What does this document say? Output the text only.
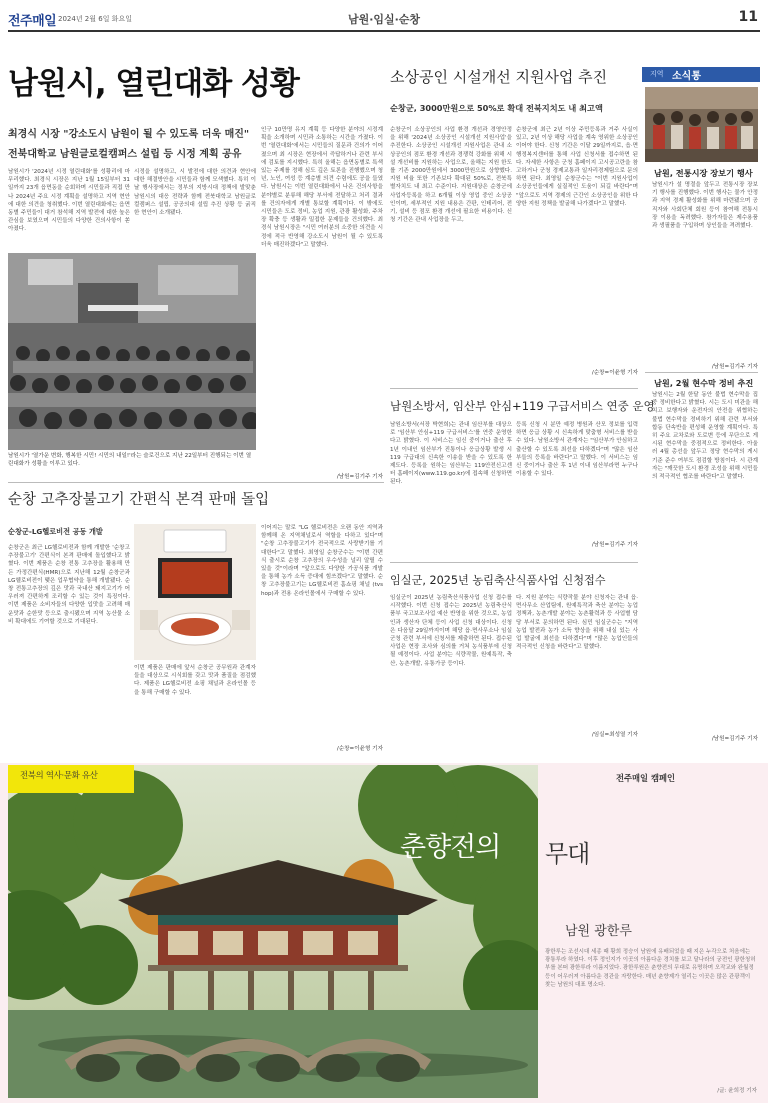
전주매일 2024년 2월 6일 화요일	남원·임실·순창	11
남원시, 열린대화 성황
최경식 시장 "강소도시 남원이 될 수 있도록 더욱 매진"
전북대학교 남원글로컬캠퍼스 설립 등 시정 계획 공유
남원시가 '2024년 시정 열린대화'를 성황리에 마무리했다. 최경식 시장은 지난 1월 15일부터 31일까지 23개 읍면동을 순회하며 시민들과 직접 만나 2024년 주요 시정 계획을 설명하고 지역 현안에 대한 의견을 청취했다. 이번 열린대화에는 읍면동별 주민들이 대거 참석해 지역 발전에 대한 높은 관심을 보였으며 시민들의 다양한 건의사항이 쏟아졌다.
시정을 설명하고, 시 발전에 대한 의견과 현안에 대한 해결방안을 시민들과 함께 모색했다. 특히 이날 행사장에서는 정부의 지방시대 정책에 발맞춘 남원시의 대응 전략과 함께 전북대학교 남원글로컬캠퍼스 설립, 공공의대 설립 추진 상황 등 굵직한 현안이 소개됐다.
남원시가 '열가운 변화, 행복한 시민! 시민의 내일!'라는 슬로건으로 지난 22일부터 진행되는 이번 열린대화가 성황을 이루고 있다.
인구 10만명 유지 계획 등 다양한 분야의 시정계획을 소개하며 시민과 소통하는 시간을 가졌다. 이번 '열린대화'에서는 시민들의 질문과 건의가 이어졌으며 최 시장은 현장에서 즉답하거나 관련 부서에 검토를 지시했다. 특히 올해는 읍면동별로 특색 있는 주제를 정해 심도 깊은 토론을 진행했으며 청년, 노인, 여성 등 계층별 의견 수렴에도 공을 들였다. 남원시는 이번 열린대화에서 나온 건의사항을 분야별로 분류해 해당 부서에 전달하고 처리 결과를 건의자에게 개별 통보할 계획이다. 이 밖에도 시민들은 도로 정비, 농업 지원, 관광 활성화, 주차장 확충 등 생활과 밀접한 문제들을 건의했다. 최경식 남원시장은 "시민 여러분의 소중한 의견을 시정에 적극 반영해 강소도시 남원이 될 수 있도록 더욱 매진하겠다"고 말했다.
/남원=김기주 기자
순창 고추장불고기 간편식 본격 판매 돌입
순창군-LG헬로비전 공동 개발
순창군은 최근 LG헬로비전과 함께 개발한 '순창고추장불고기' 간편식이 본격 판매에 돌입했다고 밝혔다. 이번 제품은 순창 전통 고추장을 활용해 만든 가정간편식(HMR)으로 지난해 12월 순창군과 LG헬로비전이 맺은 업무협약을 통해 개발됐다. 순창 전통고추장의 깊은 맛과 국내산 돼지고기가 어우러져 간편하게 조리할 수 있는 것이 특징이다. 이번 제품은 소비자들의 다양한 입맛을 고려해 매운맛과 순한맛 등으로 출시됐으며 지역 농산물 소비 확대에도 기여할 것으로 기대된다.
이번 제품은 판매에 앞서 순창군 공무원과 관계자들을 대상으로 시식회를 갖고 맛과 품질을 점검했다. 제품은 LG헬로비전 쇼핑 채널과 온라인몰 등을 통해 구매할 수 있다.
이어지는 말로 "LG 헬로비전은 오랜 동안 지역과 함께해 온 지역채널로서 역할을 다하고 있다"며 "순창 고추장불고기가 전국적으로 사랑받기를 기대한다"고 말했다. 최영일 순창군수는 "이번 간편식 출시로 순창 고추장의 우수성을 널리 알릴 수 있을 것"이라며 "앞으로도 다양한 가공식품 개발을 통해 농가 소득 증대에 힘쓰겠다"고 말했다. 순창 고추장불고기는 LG헬로비전 홈쇼핑 채널 (tvshop)과 전용 온라인몰에서 구매할 수 있다.
/순창=이윤형 기자
소상공인 시설개선 지원사업 추진
순창군, 3000만원으로 50%로 확대 전북지치도 내 최고액
순창군이 소상공인의 사업 환경 개선과 경영안정을 위해 '2024년 소상공인 시설개선 지원사업'을 추진한다. 소상공인 시설개선 지원사업은 관내 소상공인의 점포 환경 개선과 경쟁력 강화를 위해 시설 개선비를 지원하는 사업으로, 올해는 지원 한도를 기존 2000만원에서 3000만원으로 상향했다. 지원 비율 또한 기존보다 확대된 50%로, 전북특별자치도 내 최고 수준이다. 지원대상은 순창군에 사업자등록을 하고 6개월 이상 영업 중인 소상공인이며, 세부적인 지원 내용은 간판, 인테리어, 전기, 설비 등 점포 환경 개선에 필요한 비용이다. 신청 기간은 관내 사업장을 두고,
순창군에 최근 2년 이상 주민등록과 거주 사실이 있고, 2년 이상 해당 사업을 계속 영위한 소상공인이어야 한다. 신청 기간은 이달 29일까지로, 읍·면 행정복지센터를 통해 사업 신청서를 접수하면 된다. 자세한 사항은 군청 홈페이지 고시공고란을 참고하거나 군청 경제교통과 일자리경제팀으로 문의하면 된다. 최영일 순창군수는 "이번 지원사업이 소상공인들에게 실질적인 도움이 되길 바란다"며 "앞으로도 지역 경제의 근간인 소상공인을 위한 다양한 지원 정책을 발굴해 나가겠다"고 말했다.
/순창=이윤형 기자
남원소방서, 임산부 안심+119 구급서비스 연중 운영
남원소방서(서장 박현희)는 관내 임산부를 대상으로 '임산부 안심+119 구급서비스'를 연중 운영한다고 밝혔다. 이 서비스는 임신 중이거나 출산 후 1년 이내인 임산부가 진통이나 응급상황 발생 시 119 구급대의 신속한 이송을 받을 수 있도록 한 제도다. 등록을 원하는 임산부는 119안전신고센터 홈페이지(www.119.go.kr)에 접속해 신청하면 된다.
등록 신청 시 분만 예정 병원과 산모 정보를 입력하면 응급 상황 시 신속하게 맞춤형 서비스를 받을 수 있다. 남원소방서 관계자는 "임산부가 안심하고 출산할 수 있도록 최선을 다하겠다"며 "많은 임산부들의 등록을 바란다"고 말했다. 이 서비스는 임신 중이거나 출산 후 1년 이내 임산부라면 누구나 이용할 수 있다.
/남원=김기주 기자
임실군, 2025년 농림축산식품사업 신청접수
임실군이 2025년 농림축산식품사업 신청 접수를 시작했다. 이번 신청 접수는 2025년 농림축산식품부 국고보조사업 예산 반영을 위한 것으로, 농업인과 생산자 단체 등이 사업 신청 대상이다. 신청은 다음달 29일까지이며 해당 읍·면사무소나 임실군청 관련 부서에 신청서를 제출하면 된다. 접수된 사업은 현장 조사와 심의를 거쳐 농식품부에 신청될 예정이다. 사업 분야는 식량작물, 원예특작, 축산, 농촌개발, 유통가공 등이다.
다. 지원 분야는 식량작물 분야 신청자는 관내 읍·면사무소 산업팀에, 원예특작과 축산 분야는 농업정책과, 농촌개발 분야는 농촌활력과 등 사업별 담당 부서로 문의하면 된다. 심민 임실군수는 "지역 농업 발전과 농가 소득 향상을 위해 내실 있는 사업 발굴에 최선을 다하겠다"며 "많은 농업인들의 적극적인 신청을 바란다"고 말했다.
/임실=최성열 기자
지역 소식통
남원, 전통시장 장보기 행사
남원시가 설 명절을 앞두고 전통시장 장보기 행사를 진행했다. 이번 행사는 물가 안정과 지역 경제 활성화를 위해 마련됐으며 공직자와 사회단체 회원 등이 참여해 전통시장 이용을 독려했다. 참가자들은 제수용품과 생필품을 구입하며 상인들을 격려했다.
/남원=김기주 기자
남원, 2월 현수막 정비 추진
남원시는 2월 한달 동안 불법 현수막을 집중 정비한다고 밝혔다. 시는 도시 미관을 해치고 보행자와 운전자의 안전을 위협하는 불법 현수막을 정비하기 위해 관련 부서와 합동 단속반을 편성해 운영할 계획이다. 특히 주요 교차로와 도로변 등에 무단으로 게시된 현수막을 중점적으로 정비한다. 아울러 4월 총선을 앞두고 정당 현수막의 게시 기준 준수 여부도 점검할 방침이다. 시 관계자는 "깨끗한 도시 환경 조성을 위해 시민들의 적극적인 협조를 바란다"고 말했다.
/남원=김기주 기자
전북의 역사·문화 유산	전주매일 캠페인
춘향전의 무대
남원 광한루
광한루는 조선시대 세종 때 황희 정승이 남원에 유배되었을 때 지은 누각으로 처음에는 광통루라 하였다. 이후 정인지가 이곳의 아름다운 경치를 보고 달나라의 궁전인 광한청허부를 본떠 광한루라 이름지었다. 광한루원은 춘향전의 무대로 유명하며 오작교와 완월정 등이 어우러져 아름다운 경관을 자랑한다. 매년 춘향제가 열리는 이곳은 많은 관광객이 찾는 남원의 대표 명소다.
/글: 윤희정 기자
